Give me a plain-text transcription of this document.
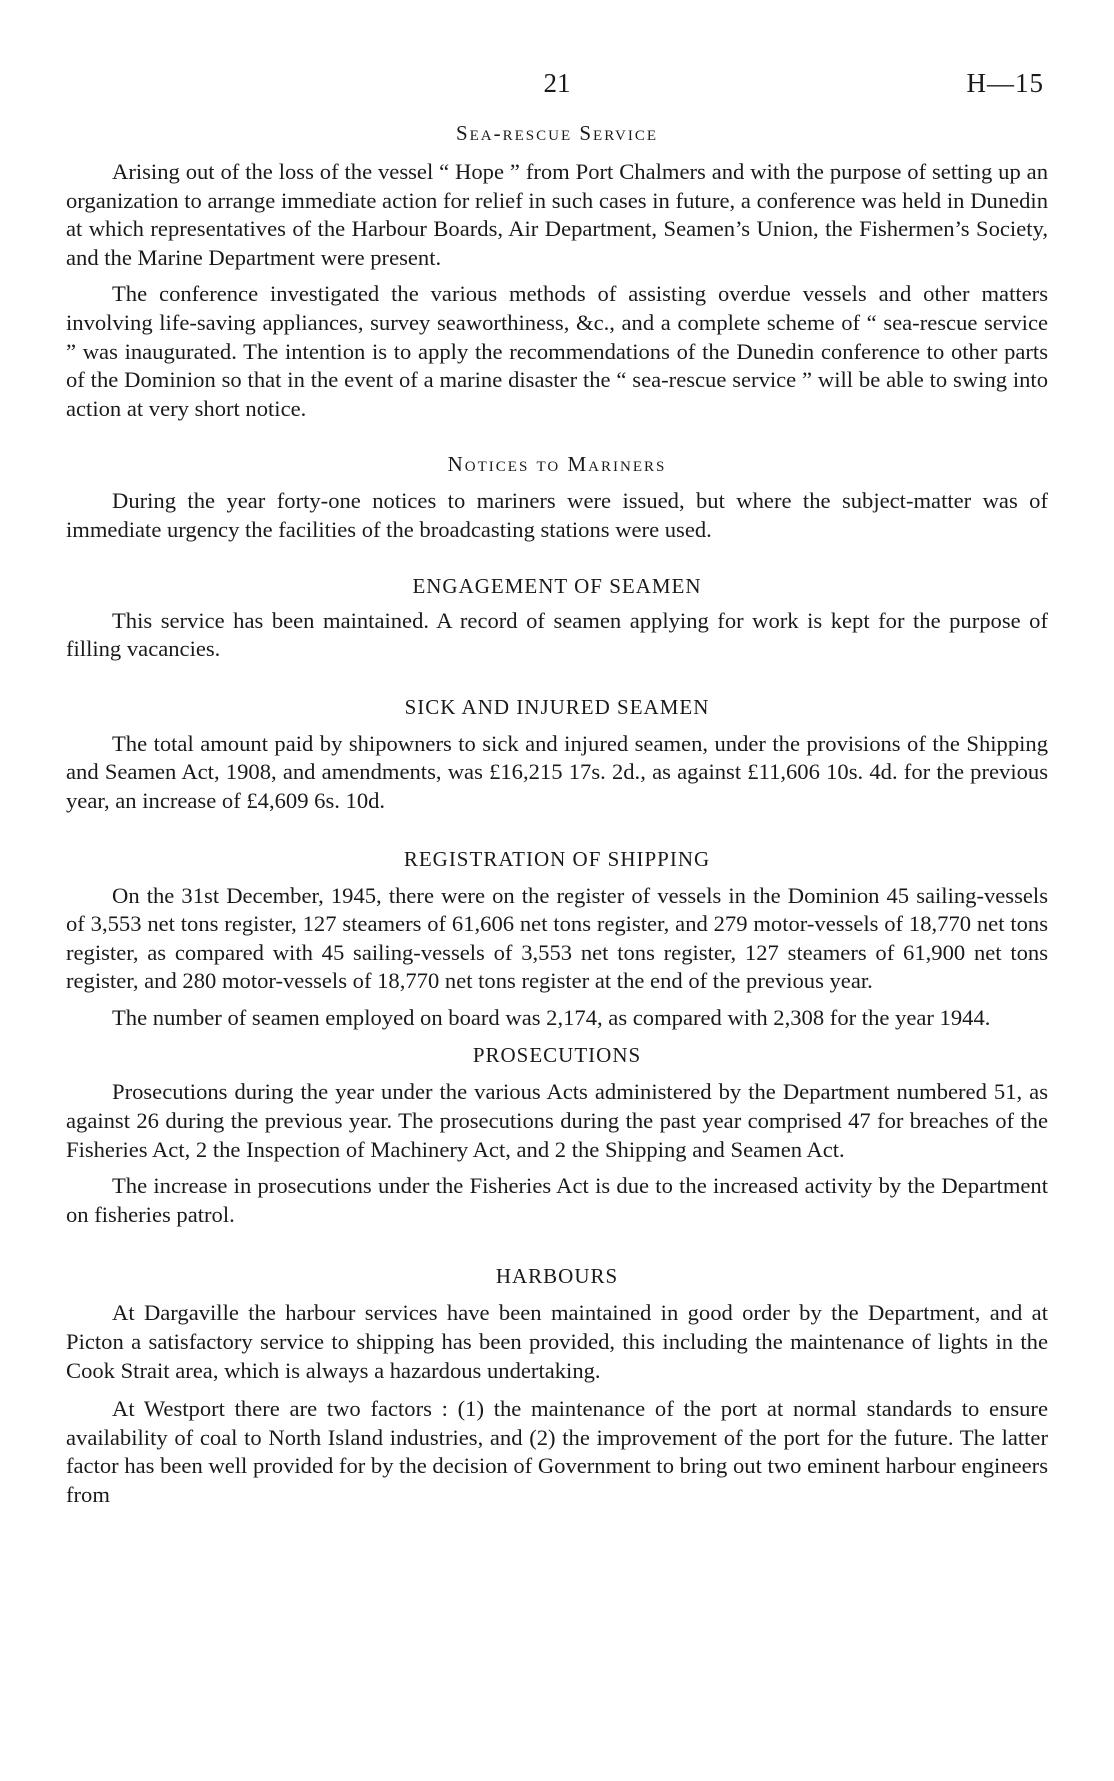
21	H—15
Sea-rescue Service

Arising out of the loss of the vessel “ Hope ” from Port Chalmers and with the purpose of setting up an organization to arrange immediate action for relief in such cases in future, a conference was held in Dunedin at which representatives of the Harbour Boards, Air Department, Seamen’s Union, the Fishermen’s Society, and the Marine Department were present.

The conference investigated the various methods of assisting overdue vessels and other matters involving life-saving appliances, survey seaworthiness, &c., and a complete scheme of “ sea-rescue service ” was inaugurated. The intention is to apply the recommendations of the Dunedin conference to other parts of the Dominion so that in the event of a marine disaster the “ sea-rescue service ” will be able to swing into action at very short notice.

Notices to Mariners

During the year forty-one notices to mariners were issued, but where the subject-matter was of immediate urgency the facilities of the broadcasting stations were used.

ENGAGEMENT OF SEAMEN

This service has been maintained. A record of seamen applying for work is kept for the purpose of filling vacancies.

SICK AND INJURED SEAMEN

The total amount paid by shipowners to sick and injured seamen, under the provisions of the Shipping and Seamen Act, 1908, and amendments, was £16,215 17s. 2d., as against £11,606 10s. 4d. for the previous year, an increase of £4,609 6s. 10d.

REGISTRATION OF SHIPPING

On the 31st December, 1945, there were on the register of vessels in the Dominion 45 sailing-vessels of 3,553 net tons register, 127 steamers of 61,606 net tons register, and 279 motor-vessels of 18,770 net tons register, as compared with 45 sailing-vessels of 3,553 net tons register, 127 steamers of 61,900 net tons register, and 280 motor-vessels of 18,770 net tons register at the end of the previous year.

The number of seamen employed on board was 2,174, as compared with 2,308 for the year 1944.

PROSECUTIONS

Prosecutions during the year under the various Acts administered by the Department numbered 51, as against 26 during the previous year. The prosecutions during the past year comprised 47 for breaches of the Fisheries Act, 2 the Inspection of Machinery Act, and 2 the Shipping and Seamen Act.

The increase in prosecutions under the Fisheries Act is due to the increased activity by the Department on fisheries patrol.

HARBOURS

At Dargaville the harbour services have been maintained in good order by the Department, and at Picton a satisfactory service to shipping has been provided, this including the maintenance of lights in the Cook Strait area, which is always a hazardous undertaking.

At Westport there are two factors : (1) the maintenance of the port at normal standards to ensure availability of coal to North Island industries, and (2) the improvement of the port for the future. The latter factor has been well provided for by the decision of Government to bring out two eminent harbour engineers from
